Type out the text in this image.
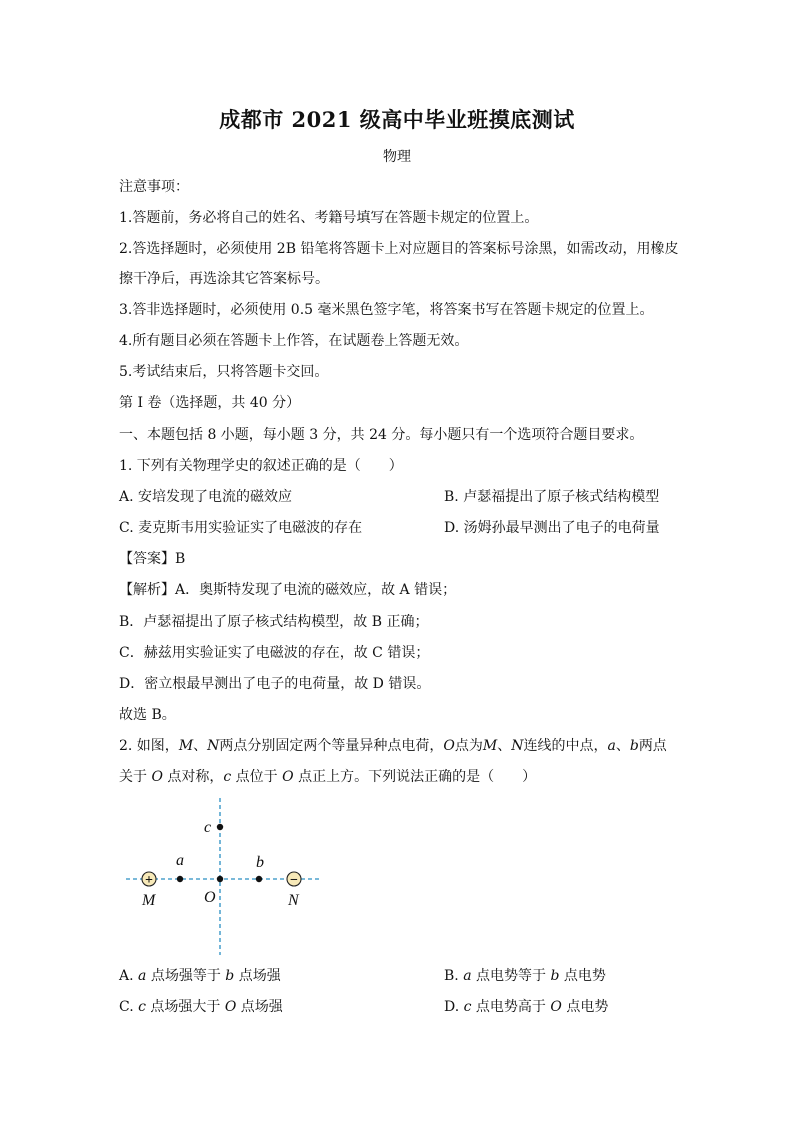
成都市 2021 级高中毕业班摸底测试
物理
注意事项：
1.答题前，务必将自己的姓名、考籍号填写在答题卡规定的位置上。
2.答选择题时，必须使用 2B 铅笔将答题卡上对应题目的答案标号涂黑，如需改动，用橡皮
擦干净后，再选涂其它答案标号。
3.答非选择题时，必须使用 0.5 毫米黑色签字笔，将答案书写在答题卡规定的位置上。
4.所有题目必须在答题卡上作答，在试题卷上答题无效。
5.考试结束后，只将答题卡交回。
第 I 卷（选择题，共 40 分）
一、本题包括 8 小题，每小题 3 分，共 24 分。每小题只有一个选项符合题目要求。
1. 下列有关物理学史的叙述正确的是（　　）
A. 安培发现了电流的磁效应	B. 卢瑟福提出了原子核式结构模型
C. 麦克斯韦用实验证实了电磁波的存在	D. 汤姆孙最早测出了电子的电荷量
【答案】B
【解析】A．奥斯特发现了电流的磁效应，故 A 错误；
B．卢瑟福提出了原子核式结构模型，故 B 正确；
C．赫兹用实验证实了电磁波的存在，故 C 错误；
D．密立根最早测出了电子的电荷量，故 D 错误。
故选 B。
2. 如图，M、N两点分别固定两个等量异种点电荷，O点为M、N连线的中点，a、b两点
关于 O 点对称，c 点位于 O 点正上方。下列说法正确的是（　　）
+	−
c
a	b
O
M	N
A. a 点场强等于 b 点场强	B. a 点电势等于 b 点电势
C. c 点场强大于 O 点场强	D. c 点电势高于 O 点电势
